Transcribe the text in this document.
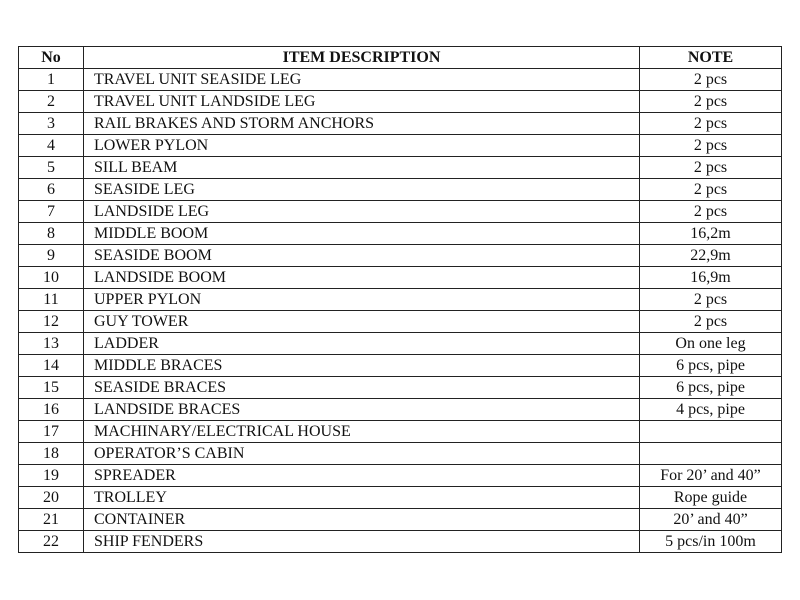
No	ITEM DESCRIPTION	NOTE
1	TRAVEL UNIT SEASIDE LEG	2 pcs
2	TRAVEL UNIT LANDSIDE LEG	2 pcs
3	RAIL BRAKES AND STORM ANCHORS	2 pcs
4	LOWER PYLON	2 pcs
5	SILL BEAM	2 pcs
6	SEASIDE LEG	2 pcs
7	LANDSIDE LEG	2 pcs
8	MIDDLE BOOM	16,2m
9	SEASIDE BOOM	22,9m
10	LANDSIDE BOOM	16,9m
11	UPPER PYLON	2 pcs
12	GUY TOWER	2 pcs
13	LADDER	On one leg
14	MIDDLE BRACES	6 pcs, pipe
15	SEASIDE BRACES	6 pcs, pipe
16	LANDSIDE BRACES	4 pcs, pipe
17	MACHINARY/ELECTRICAL HOUSE	
18	OPERATOR’S CABIN	
19	SPREADER	For 20’ and 40”
20	TROLLEY	Rope guide
21	CONTAINER	20’ and 40”
22	SHIP FENDERS	5 pcs/in 100m
